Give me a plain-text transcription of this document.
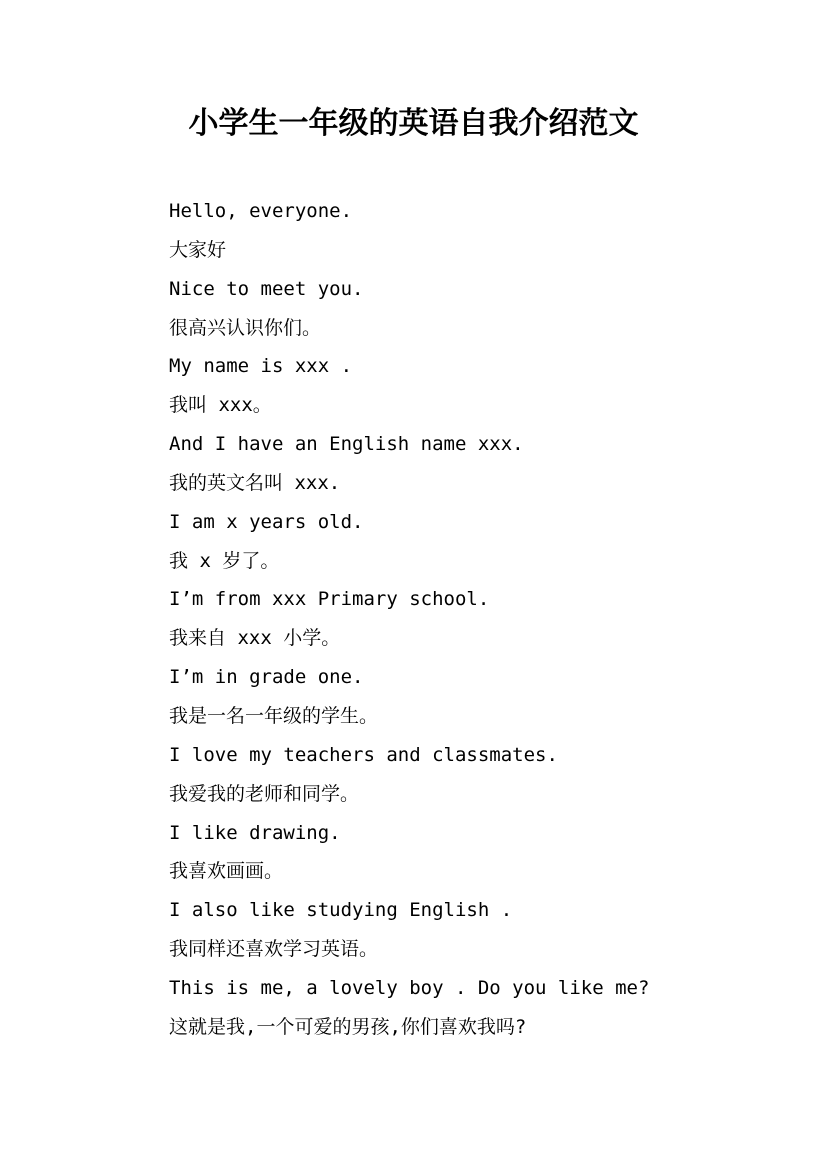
小学生一年级的英语自我介绍范文
Hello, everyone.
大家好
Nice to meet you.
很高兴认识你们。
My name is xxx .
我叫 xxx。
And I have an English name xxx.
我的英文名叫 xxx.
I am x years old.
我 x 岁了。
I’m from xxx Primary school.
我来自 xxx 小学。
I’m in grade one.
我是一名一年级的学生。
I love my teachers and classmates.
我爱我的老师和同学。
I like drawing.
我喜欢画画。
I also like studying English .
我同样还喜欢学习英语。
This is me, a lovely boy . Do you like me?
这就是我,一个可爱的男孩,你们喜欢我吗?
